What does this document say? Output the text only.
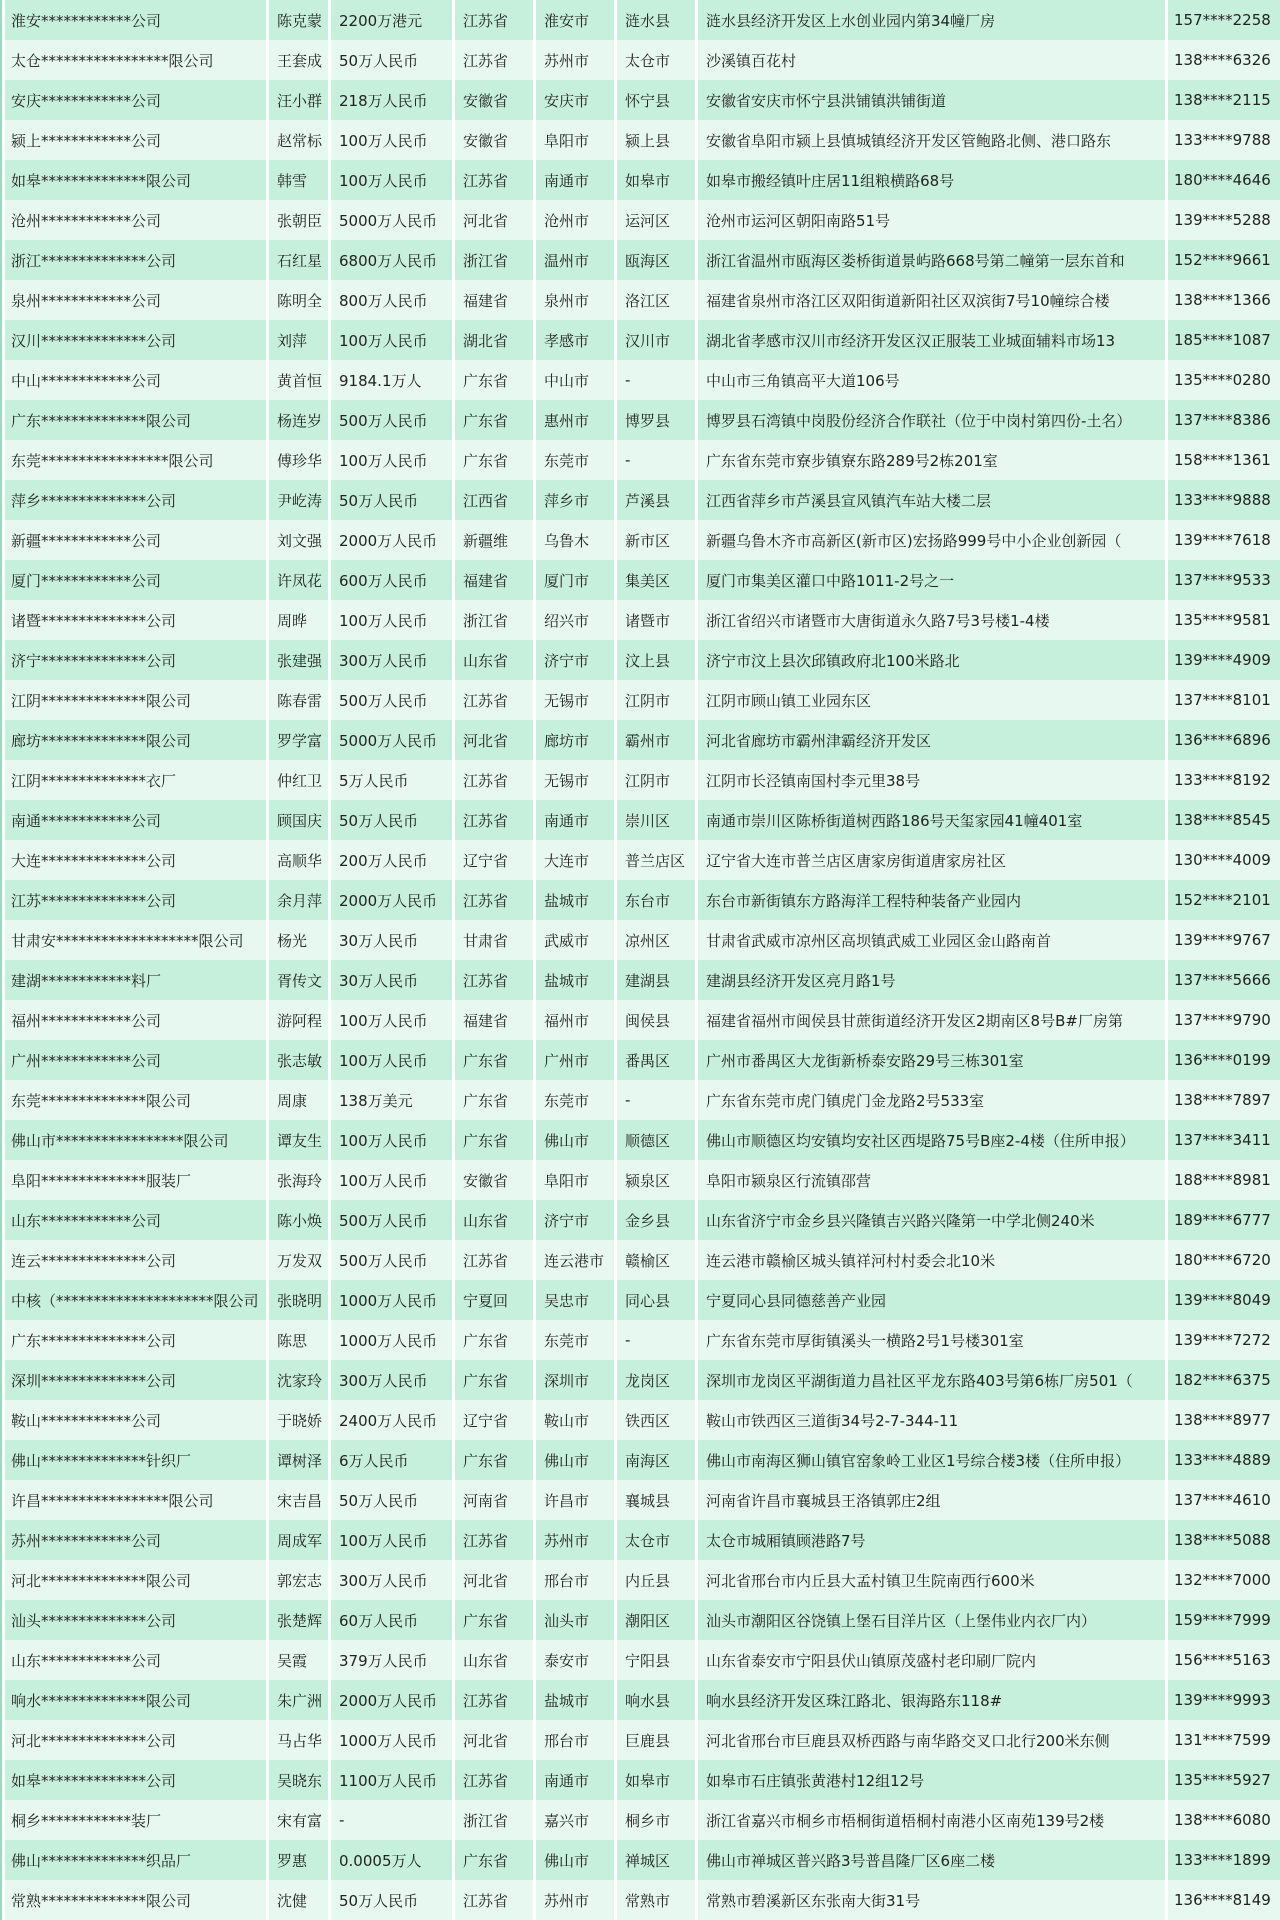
淮安************公司	陈克蒙	2200万港元	江苏省	淮安市	涟水县	涟水县经济开发区上水创业园内第34幢厂房	157****2258
太仓*****************限公司	王套成	50万人民币	江苏省	苏州市	太仓市	沙溪镇百花村	138****6326
安庆************公司	汪小群	218万人民币	安徽省	安庆市	怀宁县	安徽省安庆市怀宁县洪铺镇洪铺街道	138****2115
颍上************公司	赵常标	100万人民币	安徽省	阜阳市	颍上县	安徽省阜阳市颍上县慎城镇经济开发区管鲍路北侧、港口路东	133****9788
如皋**************限公司	韩雪	100万人民币	江苏省	南通市	如皋市	如皋市搬经镇叶庄居11组粮横路68号	180****4646
沧州************公司	张朝臣	5000万人民币	河北省	沧州市	运河区	沧州市运河区朝阳南路51号	139****5288
浙江**************公司	石红星	6800万人民币	浙江省	温州市	瓯海区	浙江省温州市瓯海区娄桥街道景屿路668号第二幢第一层东首和	152****9661
泉州************公司	陈明全	800万人民币	福建省	泉州市	洛江区	福建省泉州市洛江区双阳街道新阳社区双滨街7号10幢综合楼	138****1366
汉川**************公司	刘萍	100万人民币	湖北省	孝感市	汉川市	湖北省孝感市汉川市经济开发区汉正服装工业城面辅料市场13	185****1087
中山************公司	黄首恒	9184.1万人	广东省	中山市	-	中山市三角镇高平大道106号	135****0280
广东**************限公司	杨连岁	500万人民币	广东省	惠州市	博罗县	博罗县石湾镇中岗股份经济合作联社（位于中岗村第四份-土名）	137****8386
东莞*****************限公司	傅珍华	100万人民币	广东省	东莞市	-	广东省东莞市寮步镇寮东路289号2栋201室	158****1361
萍乡**************公司	尹屹涛	50万人民币	江西省	萍乡市	芦溪县	江西省萍乡市芦溪县宣风镇汽车站大楼二层	133****9888
新疆************公司	刘文强	2000万人民币	新疆维	乌鲁木	新市区	新疆乌鲁木齐市高新区(新市区)宏扬路999号中小企业创新园（	139****7618
厦门************公司	许凤花	600万人民币	福建省	厦门市	集美区	厦门市集美区灌口中路1011-2号之一	137****9533
诸暨**************公司	周晔	100万人民币	浙江省	绍兴市	诸暨市	浙江省绍兴市诸暨市大唐街道永久路7号3号楼1-4楼	135****9581
济宁**************公司	张建强	300万人民币	山东省	济宁市	汶上县	济宁市汶上县次邱镇政府北100米路北	139****4909
江阴**************限公司	陈春雷	500万人民币	江苏省	无锡市	江阴市	江阴市顾山镇工业园东区	137****8101
廊坊**************限公司	罗学富	5000万人民币	河北省	廊坊市	霸州市	河北省廊坊市霸州津霸经济开发区	136****6896
江阴**************衣厂	仲红卫	5万人民币	江苏省	无锡市	江阴市	江阴市长泾镇南国村李元里38号	133****8192
南通************公司	顾国庆	50万人民币	江苏省	南通市	崇川区	南通市崇川区陈桥街道树西路186号天玺家园41幢401室	138****8545
大连**************公司	高顺华	200万人民币	辽宁省	大连市	普兰店区	辽宁省大连市普兰店区唐家房街道唐家房社区	130****4009
江苏**************公司	余月萍	2000万人民币	江苏省	盐城市	东台市	东台市新街镇东方路海洋工程特种装备产业园内	152****2101
甘肃安*******************限公司	杨光	30万人民币	甘肃省	武威市	凉州区	甘肃省武威市凉州区高坝镇武威工业园区金山路南首	139****9767
建湖************料厂	胥传文	30万人民币	江苏省	盐城市	建湖县	建湖县经济开发区亮月路1号	137****5666
福州************公司	游阿程	100万人民币	福建省	福州市	闽侯县	福建省福州市闽侯县甘蔗街道经济开发区2期南区8号B#厂房第	137****9790
广州************公司	张志敏	100万人民币	广东省	广州市	番禺区	广州市番禺区大龙街新桥泰安路29号三栋301室	136****0199
东莞**************限公司	周康	138万美元	广东省	东莞市	-	广东省东莞市虎门镇虎门金龙路2号533室	138****7897
佛山市*****************限公司	谭友生	100万人民币	广东省	佛山市	顺德区	佛山市顺德区均安镇均安社区西堤路75号B座2-4楼（住所申报）	137****3411
阜阳**************服装厂	张海玲	100万人民币	安徽省	阜阳市	颍泉区	阜阳市颍泉区行流镇邵营	188****8981
山东************公司	陈小焕	500万人民币	山东省	济宁市	金乡县	山东省济宁市金乡县兴隆镇吉兴路兴隆第一中学北侧240米	189****6777
连云**************公司	万发双	500万人民币	江苏省	连云港市	赣榆区	连云港市赣榆区城头镇祥河村村委会北10米	180****6720
中核（*********************限公司	张晓明	1000万人民币	宁夏回	吴忠市	同心县	宁夏同心县同德慈善产业园	139****8049
广东**************公司	陈思	1000万人民币	广东省	东莞市	-	广东省东莞市厚街镇溪头一横路2号1号楼301室	139****7272
深圳**************公司	沈家玲	300万人民币	广东省	深圳市	龙岗区	深圳市龙岗区平湖街道力昌社区平龙东路403号第6栋厂房501（	182****6375
鞍山************公司	于晓娇	2400万人民币	辽宁省	鞍山市	铁西区	鞍山市铁西区三道街34号2-7-344-11	138****8977
佛山**************针织厂	谭树泽	6万人民币	广东省	佛山市	南海区	佛山市南海区狮山镇官窑象岭工业区1号综合楼3楼（住所申报）	133****4889
许昌*****************限公司	宋吉昌	50万人民币	河南省	许昌市	襄城县	河南省许昌市襄城县王洛镇郭庄2组	137****4610
苏州************公司	周成军	100万人民币	江苏省	苏州市	太仓市	太仓市城厢镇顾港路7号	138****5088
河北**************限公司	郭宏志	300万人民币	河北省	邢台市	内丘县	河北省邢台市内丘县大孟村镇卫生院南西行600米	132****7000
汕头**************公司	张楚辉	60万人民币	广东省	汕头市	潮阳区	汕头市潮阳区谷饶镇上堡石目洋片区（上堡伟业内衣厂内）	159****7999
山东************公司	吴霞	379万人民币	山东省	泰安市	宁阳县	山东省泰安市宁阳县伏山镇原茂盛村老印刷厂院内	156****5163
响水**************限公司	朱广洲	2000万人民币	江苏省	盐城市	响水县	响水县经济开发区珠江路北、银海路东118#	139****9993
河北**************公司	马占华	1000万人民币	河北省	邢台市	巨鹿县	河北省邢台市巨鹿县双桥西路与南华路交叉口北行200米东侧	131****7599
如皋**************公司	吴晓东	1100万人民币	江苏省	南通市	如皋市	如皋市石庄镇张黄港村12组12号	135****5927
桐乡************装厂	宋有富	-	浙江省	嘉兴市	桐乡市	浙江省嘉兴市桐乡市梧桐街道梧桐村南港小区南苑139号2楼	138****6080
佛山**************织品厂	罗惠	0.0005万人	广东省	佛山市	禅城区	佛山市禅城区普兴路3号普昌隆厂区6座二楼	133****1899
常熟**************限公司	沈健	50万人民币	江苏省	苏州市	常熟市	常熟市碧溪新区东张南大街31号	136****8149
